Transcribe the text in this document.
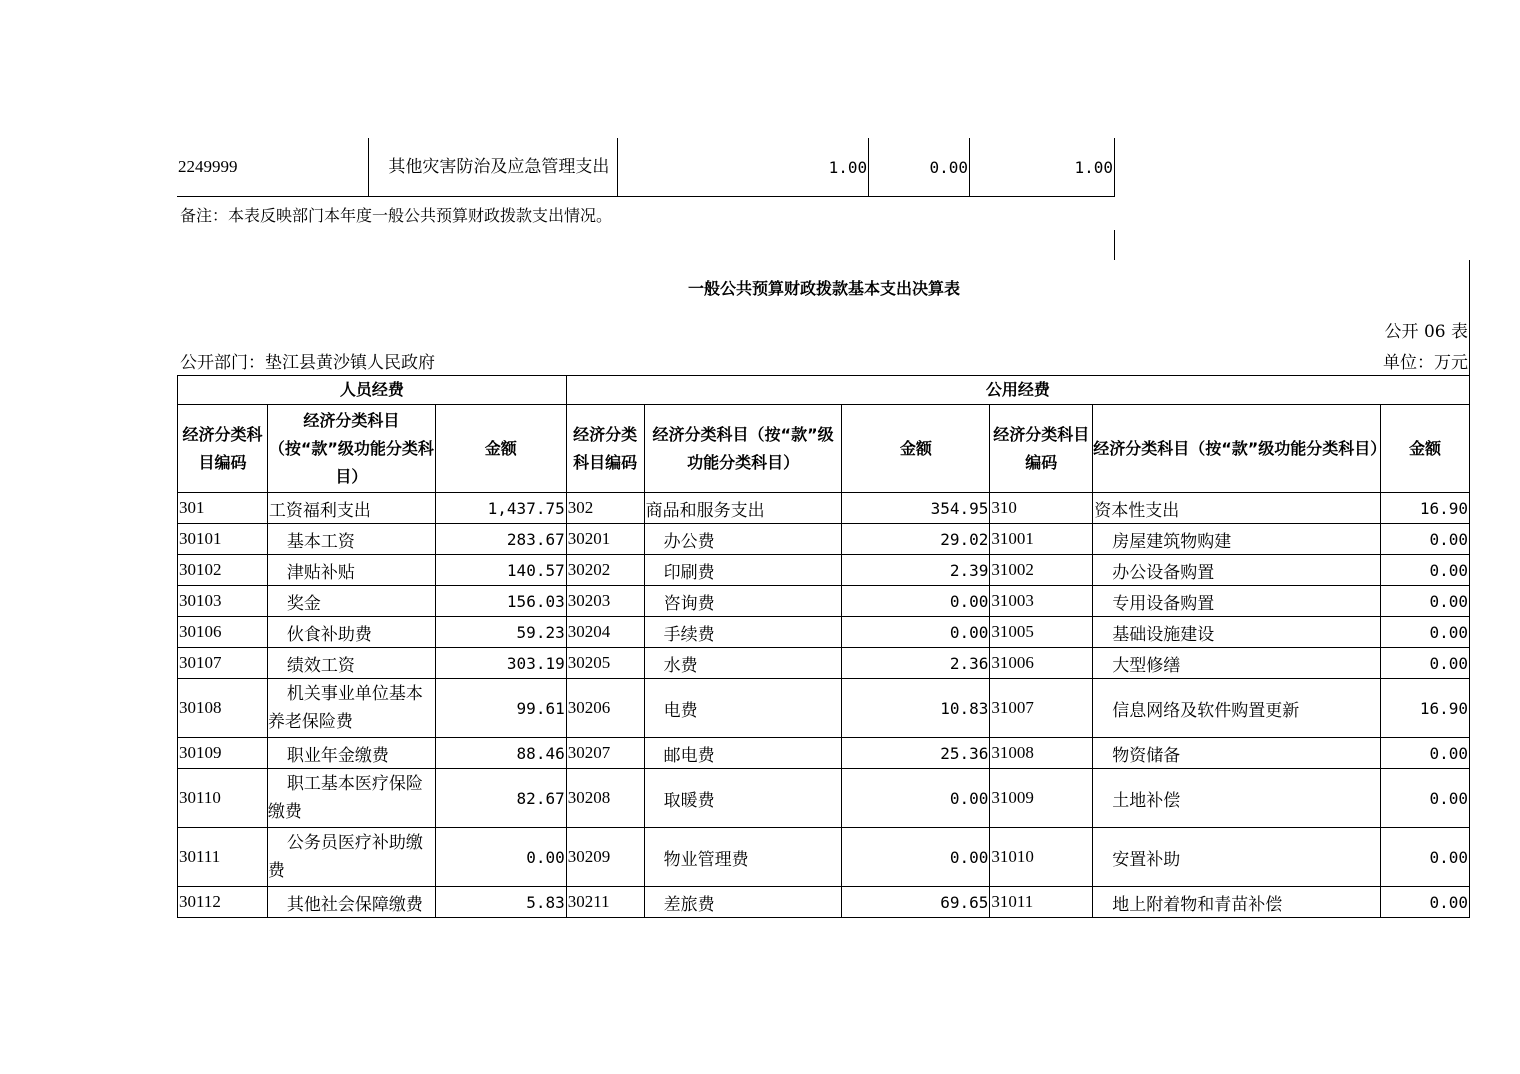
2249999	其他灾害防治及应急管理支出	1.00	0.00	1.00
备注：本表反映部门本年度一般公共预算财政拨款支出情况。
一般公共预算财政拨款基本支出决算表
公开 06 表
公开部门：垫江县黄沙镇人民政府	单位：万元
人员经费			公用经费					
经济分类科目编码	经济分类科目（按“款”级功能分类科目）	金额	经济分类科目编码	经济分类科目（按“款”级功能分类科目）	金额	经济分类科目编码	经济分类科目（按“款”级功能分类科目）	金额
301	工资福利支出	1,437.75	302	商品和服务支出	354.95	310	资本性支出	16.90
30101	基本工资	283.67	30201	办公费	29.02	31001	房屋建筑物购建	0.00
30102	津贴补贴	140.57	30202	印刷费	2.39	31002	办公设备购置	0.00
30103	奖金	156.03	30203	咨询费	0.00	31003	专用设备购置	0.00
30106	伙食补助费	59.23	30204	手续费	0.00	31005	基础设施建设	0.00
30107	绩效工资	303.19	30205	水费	2.36	31006	大型修缮	0.00
30108	机关事业单位基本养老保险费	99.61	30206	电费	10.83	31007	信息网络及软件购置更新	16.90
30109	职业年金缴费	88.46	30207	邮电费	25.36	31008	物资储备	0.00
30110	职工基本医疗保险缴费	82.67	30208	取暖费	0.00	31009	土地补偿	0.00
30111	公务员医疗补助缴费	0.00	30209	物业管理费	0.00	31010	安置补助	0.00
30112	其他社会保障缴费	5.83	30211	差旅费	69.65	31011	地上附着物和青苗补偿	0.00
